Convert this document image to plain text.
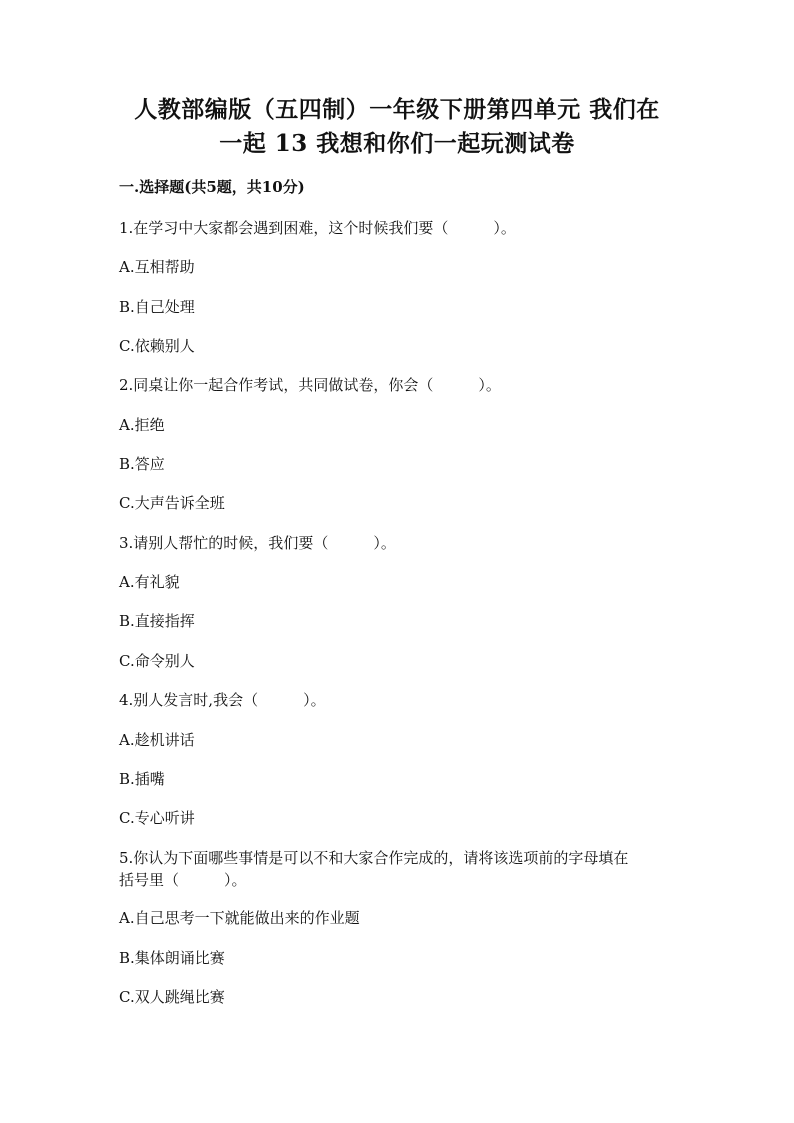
人教部编版（五四制）一年级下册第四单元 我们在
一起 13 我想和你们一起玩测试卷
一.选择题(共5题，共10分)
1.在学习中大家都会遇到困难，这个时候我们要（　　　）。
A.互相帮助
B.自己处理
C.依赖别人
2.同桌让你一起合作考试，共同做试卷，你会（　　　）。
A.拒绝
B.答应
C.大声告诉全班
3.请别人帮忙的时候，我们要（　　　）。
A.有礼貌
B.直接指挥
C.命令别人
4.别人发言时,我会（　　　）。
A.趁机讲话
B.插嘴
C.专心听讲
5.你认为下面哪些事情是可以不和大家合作完成的，请将该选项前的字母填在
括号里（　　　）。
A.自己思考一下就能做出来的作业题
B.集体朗诵比赛
C.双人跳绳比赛
